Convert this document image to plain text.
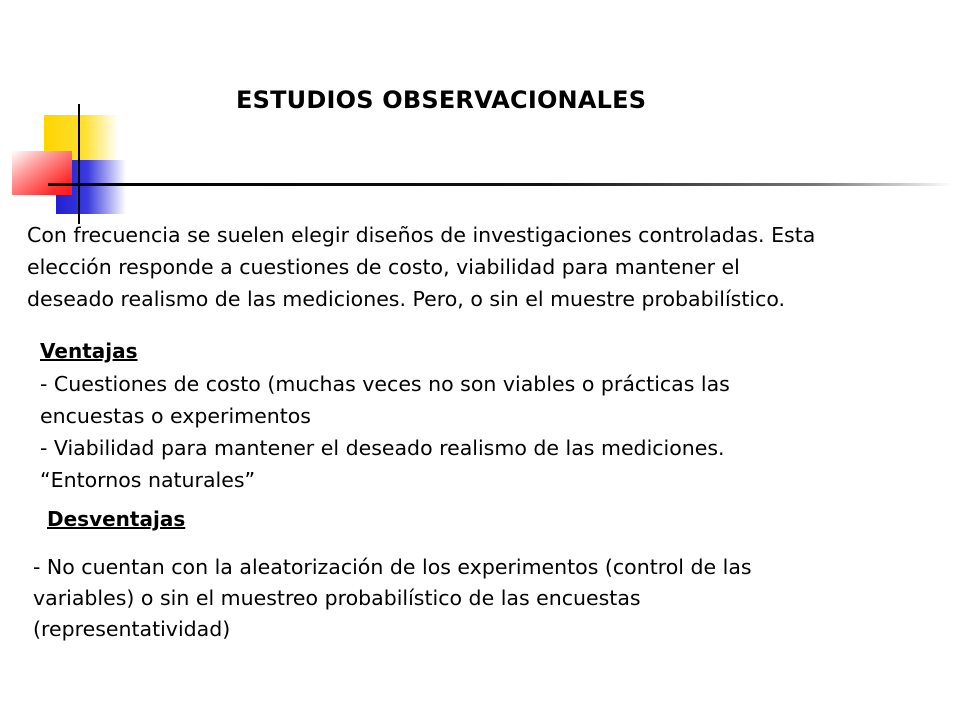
ESTUDIOS OBSERVACIONALES
Con frecuencia se suelen elegir diseños de investigaciones controladas. Esta
elección responde a cuestiones de costo, viabilidad para mantener el
deseado realismo de las mediciones. Pero, o sin el muestre probabilístico.
Ventajas
- Cuestiones de costo (muchas veces no son viables o prácticas las
encuestas o experimentos
- Viabilidad para mantener el deseado realismo de las mediciones.
“Entornos naturales”
Desventajas
- No cuentan con la aleatorización de los experimentos (control de las
variables) o sin el muestreo probabilístico de las encuestas
(representatividad)
